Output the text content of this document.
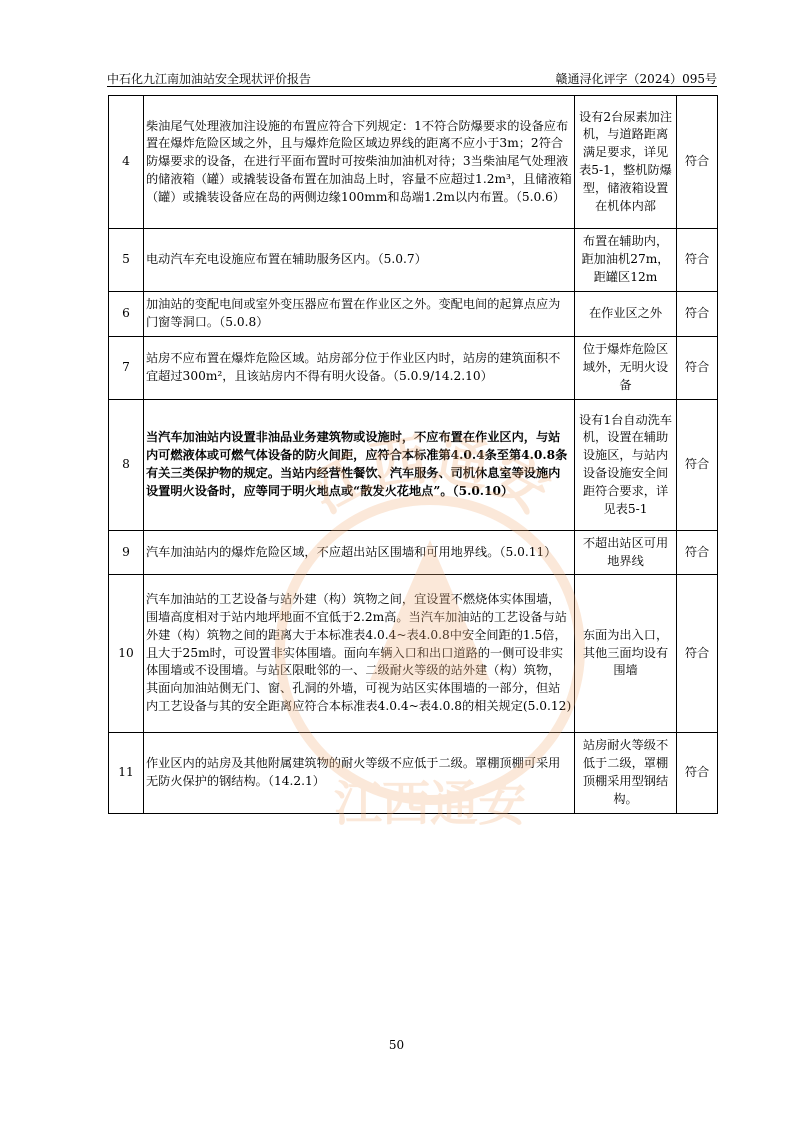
中石化九江南加油站安全现状评价报告	赣通浔化评字（2024）095号
4	柴油尾气处理液加注设施的布置应符合下列规定：1不符合防爆要求的设备应布置在爆炸危险区域之外，且与爆炸危险区域边界线的距离不应小于3m；2符合防爆要求的设备，在进行平面布置时可按柴油加油机对待；3当柴油尾气处理液的储液箱（罐）或撬装设备布置在加油岛上时，容量不应超过1.2m³，且储液箱（罐）或撬装设备应在岛的两侧边缘100mm和岛端1.2m以内布置。（5.0.6）	设有2台尿素加注机，与道路距离满足要求，详见表5-1，整机防爆型，储液箱设置在机体内部	符合
5	电动汽车充电设施应布置在辅助服务区内。（5.0.7）	布置在辅助内，距加油机27m，距罐区12m	符合
6	加油站的变配电间或室外变压器应布置在作业区之外。变配电间的起算点应为门窗等洞口。（5.0.8）	在作业区之外	符合
7	站房不应布置在爆炸危险区域。站房部分位于作业区内时，站房的建筑面积不宜超过300m²，且该站房内不得有明火设备。（5.0.9/14.2.10）	位于爆炸危险区域外，无明火设备	符合
8	当汽车加油站内设置非油品业务建筑物或设施时，不应布置在作业区内，与站内可燃液体或可燃气体设备的防火间距，应符合本标准第4.0.4条至第4.0.8条有关三类保护物的规定。当站内经营性餐饮、汽车服务、司机休息室等设施内设置明火设备时，应等同于明火地点或“散发火花地点”。（5.0.10）	设有1台自动洗车机，设置在辅助设施区，与站内设备设施安全间距符合要求，详见表5-1	符合
9	汽车加油站内的爆炸危险区域，不应超出站区围墙和可用地界线。（5.0.11）	不超出站区可用地界线	符合
10	汽车加油站的工艺设备与站外建（构）筑物之间，宜设置不燃烧体实体围墙，围墙高度相对于站内地坪地面不宜低于2.2m高。当汽车加油站的工艺设备与站外建（构）筑物之间的距离大于本标准表4.0.4~表4.0.8中安全间距的1.5倍，且大于25m时，可设置非实体围墙。面向车辆入口和出口道路的一侧可设非实体围墙或不设围墙。与站区限毗邻的一、二级耐火等级的站外建（构）筑物，其面向加油站侧无门、窗、孔洞的外墙，可视为站区实体围墙的一部分，但站内工艺设备与其的安全距离应符合本标准表4.0.4~表4.0.8的相关规定(5.0.12)	东面为出入口，其他三面均设有围墙	符合
11	作业区内的站房及其他附属建筑物的耐火等级不应低于二级。罩棚顶棚可采用无防火保护的钢结构。（14.2.1）	站房耐火等级不低于二级，罩棚顶棚采用型钢结构。	符合
江西通安
江西通安
50
